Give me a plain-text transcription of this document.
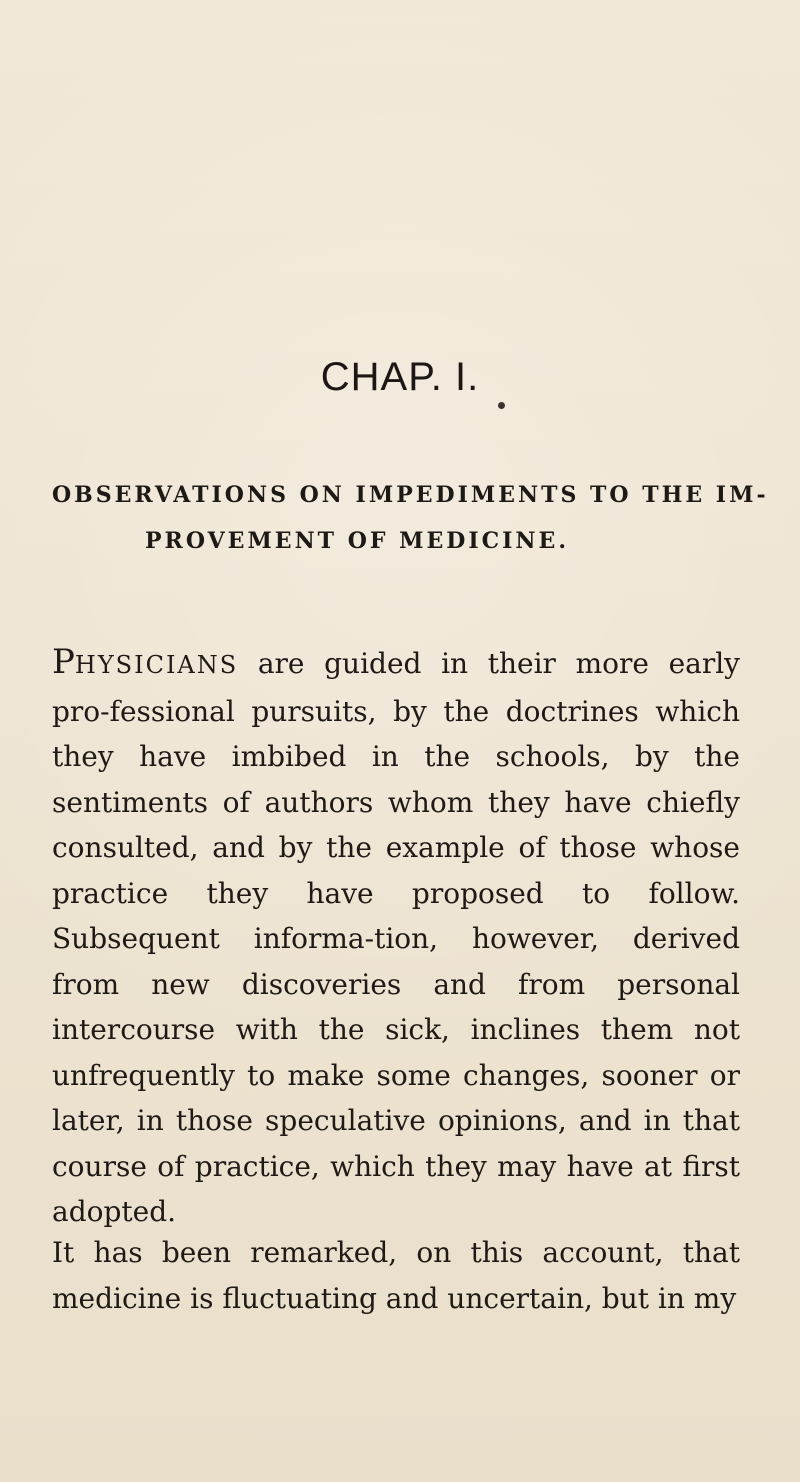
CHAP. I.
OBSERVATIONS ON IMPEDIMENTS TO THE IM-
PROVEMENT OF MEDICINE.

PHYSICIANS are guided in their more early pro-fessional pursuits, by the doctrines which they have imbibed in the schools, by the sentiments of authors whom they have chiefly consulted, and by the example of those whose practice they have proposed to follow. Subsequent informa-tion, however, derived from new discoveries and from personal intercourse with the sick, inclines them not unfrequently to make some changes, sooner or later, in those speculative opinions, and in that course of practice, which they may have at first adopted.

It has been remarked, on this account, that medicine is fluctuating and uncertain, but in my
